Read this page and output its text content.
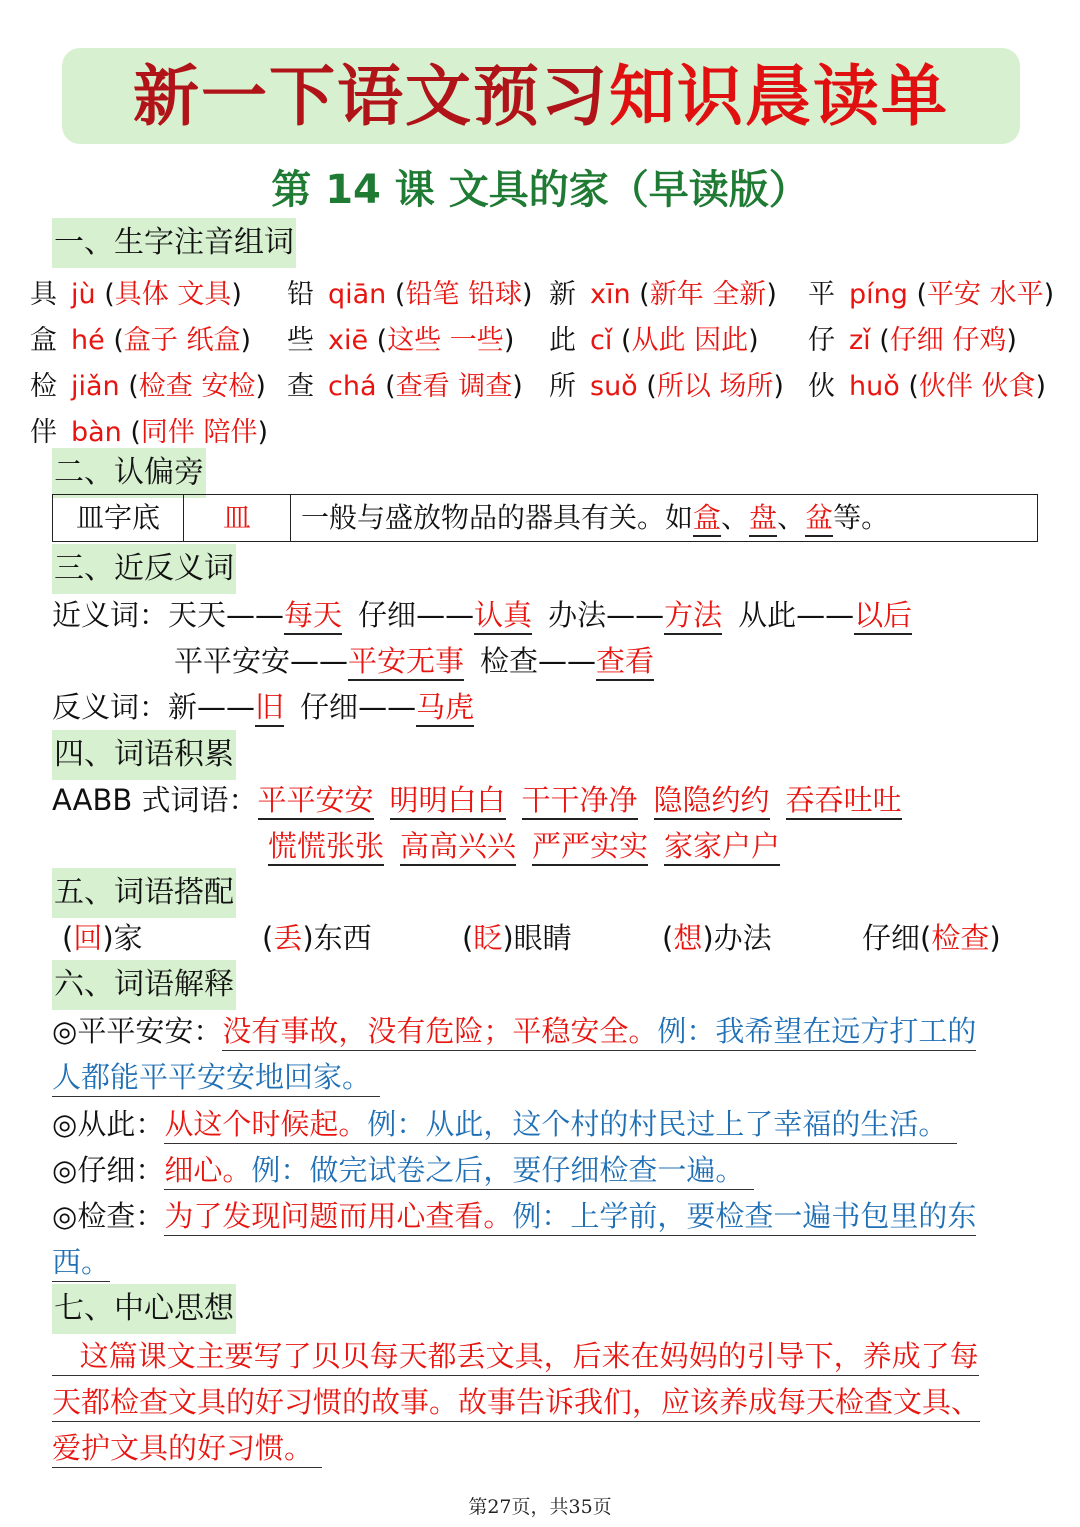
新一下语文预习知识晨读单
第 14 课 文具的家（早读版）
一、生字注音组词
具 jù (具体 文具) 铅 qiān (铅笔 铅球) 新 xīn (新年 全新) 平 píng (平安 水平)
盒 hé (盒子 纸盒) 些 xiē (这些 一些) 此 cǐ (从此 因此) 仔 zǐ (仔细 仔鸡)
检 jiǎn (检查 安检) 查 chá (查看 调查) 所 suǒ (所以 场所) 伙 huǒ (伙伴 伙食)
伴 bàn (同伴 陪伴)
二、认偏旁
皿字底	皿	一般与盛放物品的器具有关。如盒、盘、盆等。
三、近反义词
近义词：天天——每天 仔细——认真 办法——方法 从此——以后
平平安安——平安无事 检查——查看
反义词：新——旧 仔细——马虎
四、词语积累
AABB 式词语：平平安安 明明白白 干干净净 隐隐约约 吞吞吐吐
慌慌张张 高高兴兴 严严实实 家家户户
五、词语搭配
(回)家	(丢)东西	(眨)眼睛	(想)办法	仔细(检查)
六、词语解释
◎平平安安：没有事故，没有危险；平稳安全。例：我希望在远方打工的
人都能平平安安地回家。
◎从此：从这个时候起。例：从此，这个村的村民过上了幸福的生活。
◎仔细：细心。例：做完试卷之后，要仔细检查一遍。
◎检查：为了发现问题而用心查看。例：上学前，要检查一遍书包里的东
西。
七、中心思想
这篇课文主要写了贝贝每天都丢文具，后来在妈妈的引导下，养成了每
天都检查文具的好习惯的故事。故事告诉我们，应该养成每天检查文具、
爱护文具的好习惯。
第27页，共35页
